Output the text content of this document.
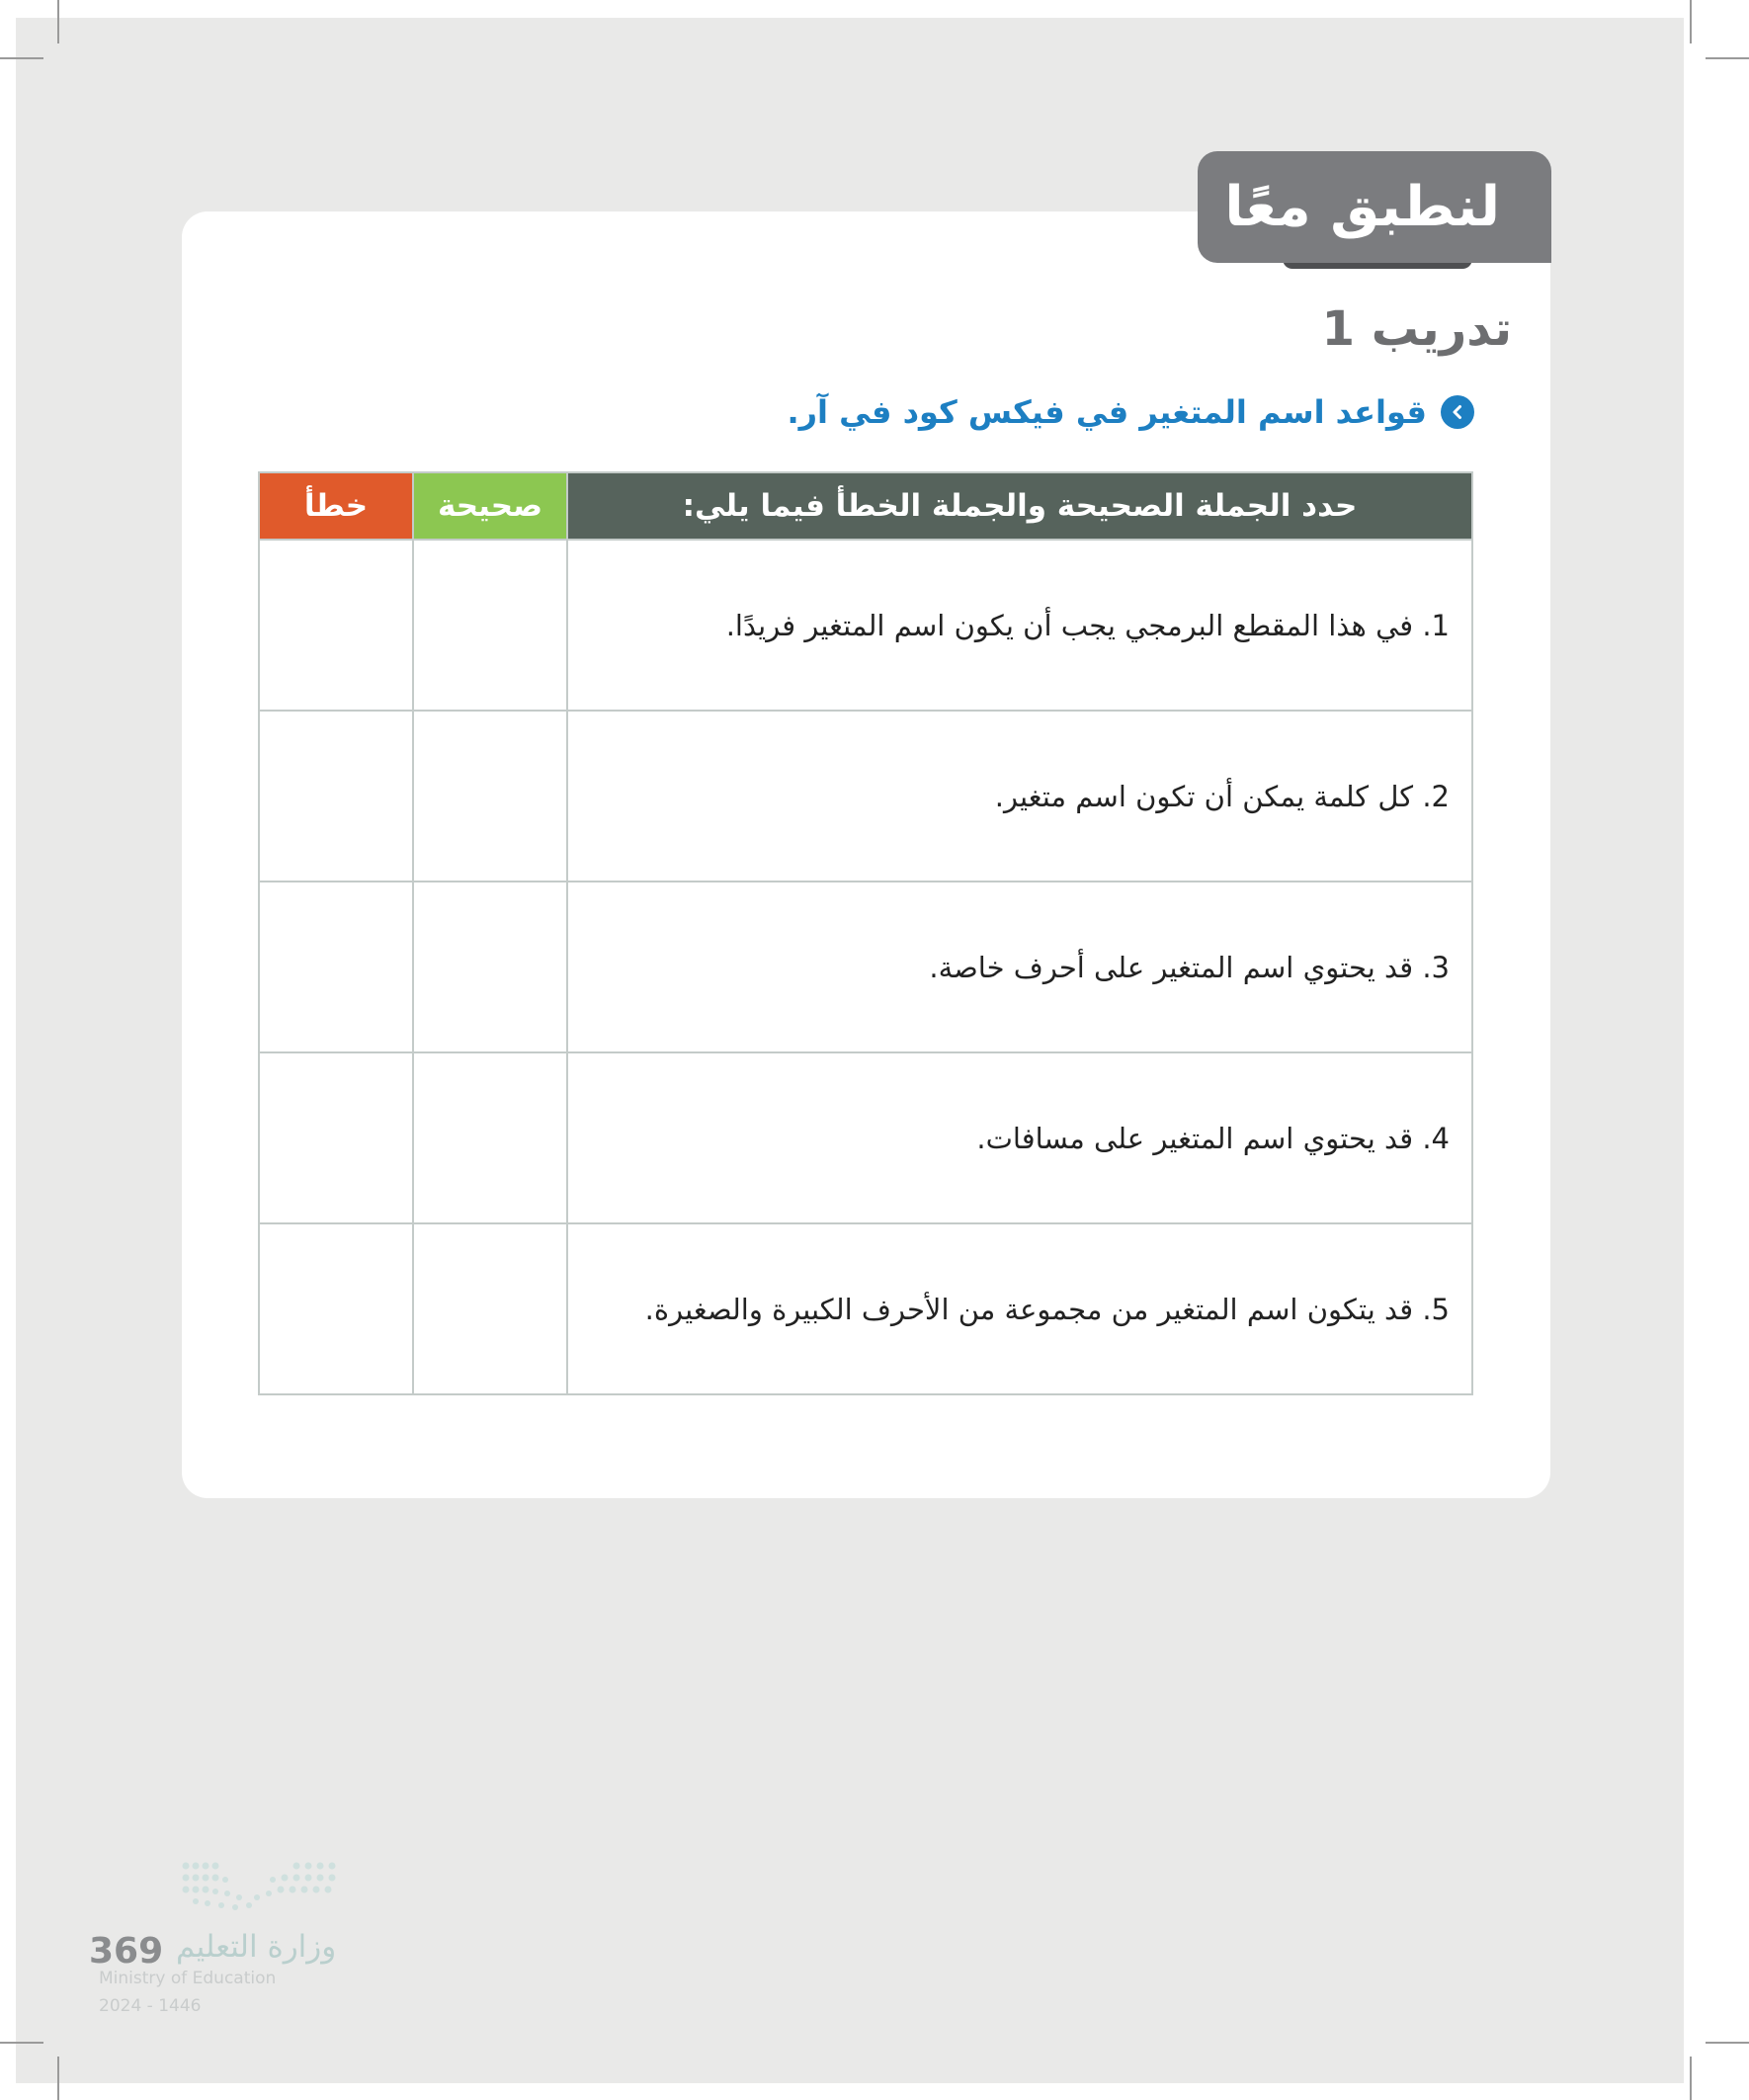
لنطبق معًا
تدريب 1
قواعد اسم المتغير في فيكس كود في آر.
خطأ	صحيحة	حدد الجملة الصحيحة والجملة الخطأ فيما يلي:
		1. في هذا المقطع البرمجي يجب أن يكون اسم المتغير فريدًا.
		2. كل كلمة يمكن أن تكون اسم متغير.
		3. قد يحتوي اسم المتغير على أحرف خاصة.
		4. قد يحتوي اسم المتغير على مسافات.
		5. قد يتكون اسم المتغير من مجموعة من الأحرف الكبيرة والصغيرة.
وزارة التعليم
Ministry of Education
2024 - 1446
369
